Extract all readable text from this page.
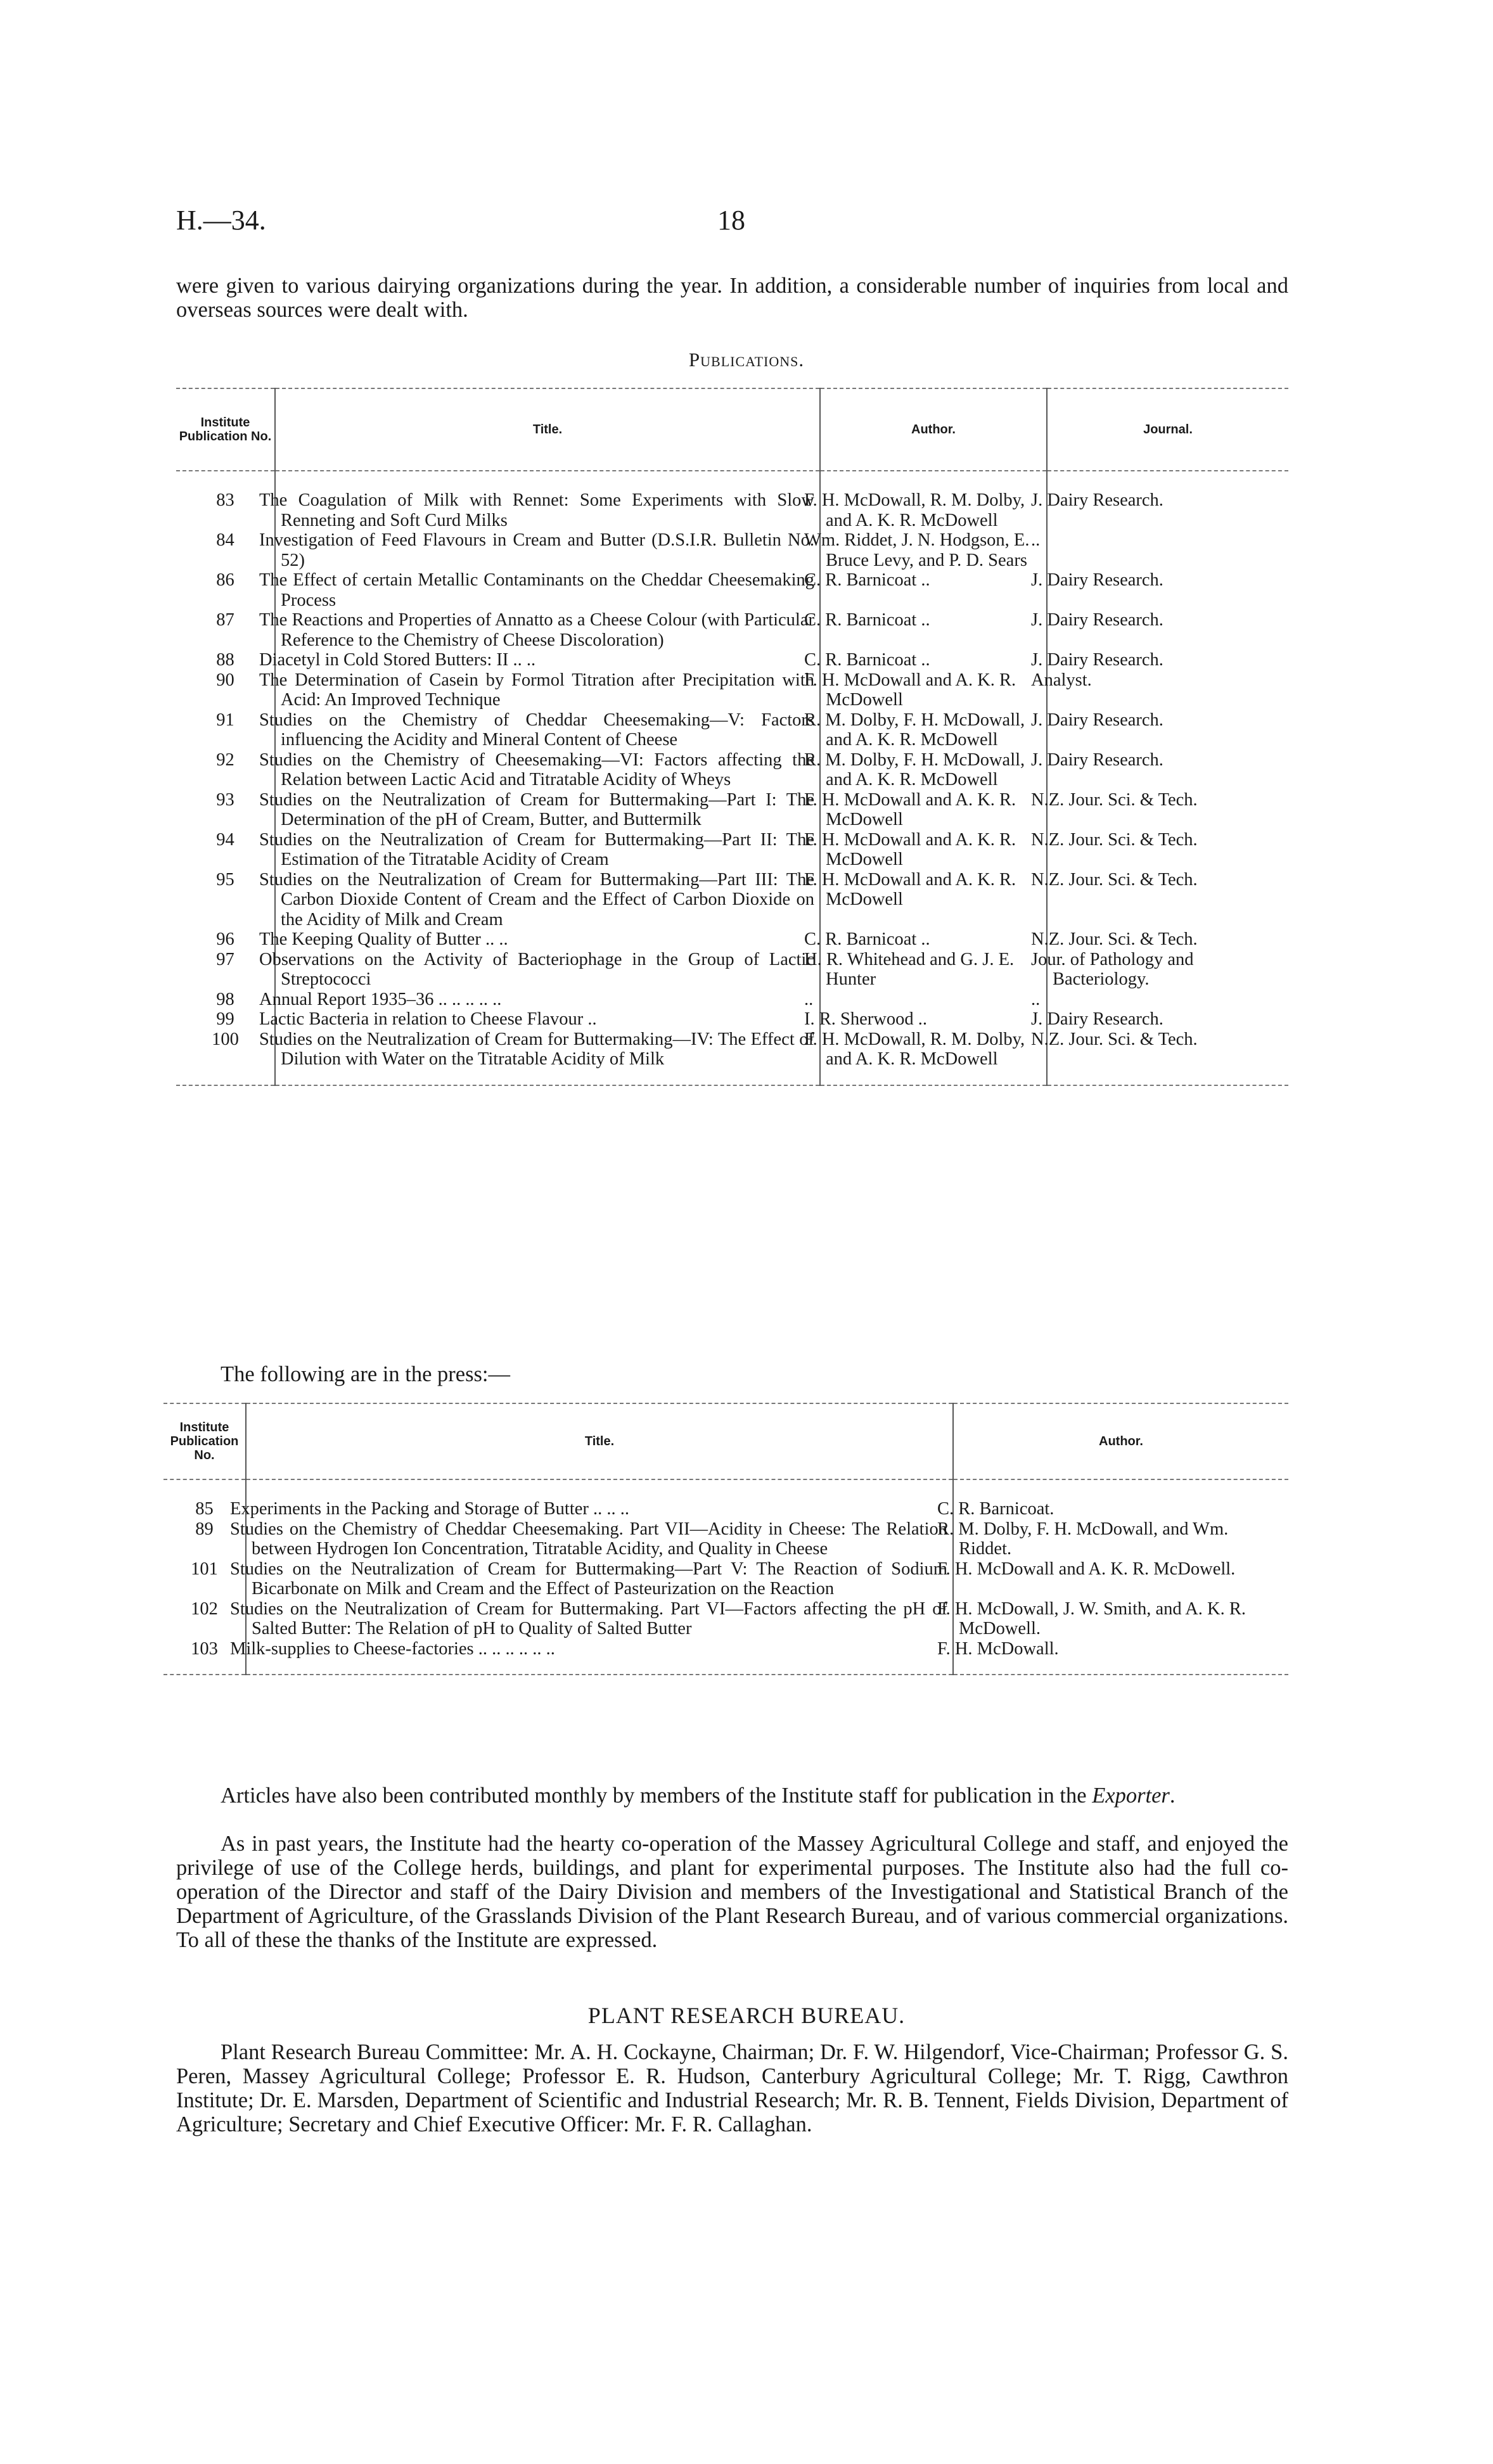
H.—34.	18
were given to various dairying organizations during the year. In addition, a considerable number of inquiries from local and overseas sources were dealt with.
Publications.
Institute Publication No.	Title.	Author.	Journal.
83	The Coagulation of Milk with Rennet: Some Experiments with Slow Renneting and Soft Curd Milks	F. H. McDowall, R. M. Dolby, and A. K. R. McDowell	J. Dairy Research.
84	Investigation of Feed Flavours in Cream and Butter (D.S.I.R. Bulletin No. 52)	Wm. Riddet, J. N. Hodgson, E. Bruce Levy, and P. D. Sears	..
86	The Effect of certain Metallic Contaminants on the Cheddar Cheesemaking Process	C. R. Barnicoat ..	J. Dairy Research.
87	The Reactions and Properties of Annatto as a Cheese Colour (with Particular Reference to the Chemistry of Cheese Discoloration)	C. R. Barnicoat ..	J. Dairy Research.
88	Diacetyl in Cold Stored Butters: II .. ..	C. R. Barnicoat ..	J. Dairy Research.
90	The Determination of Casein by Formol Titration after Precipitation with Acid: An Improved Technique	F. H. McDowall and A. K. R. McDowell	Analyst.
91	Studies on the Chemistry of Cheddar Cheesemaking—V: Factors influencing the Acidity and Mineral Content of Cheese	R. M. Dolby, F. H. McDowall, and A. K. R. McDowell	J. Dairy Research.
92	Studies on the Chemistry of Cheesemaking—VI: Factors affecting the Relation between Lactic Acid and Titratable Acidity of Wheys	R. M. Dolby, F. H. McDowall, and A. K. R. McDowell	J. Dairy Research.
93	Studies on the Neutralization of Cream for Buttermaking—Part I: The Determination of the pH of Cream, Butter, and Buttermilk	F. H. McDowall and A. K. R. McDowell	N.Z. Jour. Sci. & Tech.
94	Studies on the Neutralization of Cream for Buttermaking—Part II: The Estimation of the Titratable Acidity of Cream	F. H. McDowall and A. K. R. McDowell	N.Z. Jour. Sci. & Tech.
95	Studies on the Neutralization of Cream for Buttermaking—Part III: The Carbon Dioxide Content of Cream and the Effect of Carbon Dioxide on the Acidity of Milk and Cream	F. H. McDowall and A. K. R. McDowell	N.Z. Jour. Sci. & Tech.
96	The Keeping Quality of Butter .. ..	C. R. Barnicoat ..	N.Z. Jour. Sci. & Tech.
97	Observations on the Activity of Bacteriophage in the Group of Lactic Streptococci	H. R. Whitehead and G. J. E. Hunter	Jour. of Pathology and Bacteriology.
98	Annual Report 1935–36 .. .. .. .. ..	..	..
99	Lactic Bacteria in relation to Cheese Flavour ..	I. R. Sherwood ..	J. Dairy Research.
100	Studies on the Neutralization of Cream for Buttermaking—IV: The Effect of Dilution with Water on the Titratable Acidity of Milk	F. H. McDowall, R. M. Dolby, and A. K. R. McDowell	N.Z. Jour. Sci. & Tech.
The following are in the press:—
Institute Publication No.	Title.	Author.
85	Experiments in the Packing and Storage of Butter .. .. ..	C. R. Barnicoat.
89	Studies on the Chemistry of Cheddar Cheesemaking. Part VII—Acidity in Cheese: The Relation between Hydrogen Ion Concentration, Titratable Acidity, and Quality in Cheese	R. M. Dolby, F. H. McDowall, and Wm. Riddet.
101	Studies on the Neutralization of Cream for Buttermaking—Part V: The Reaction of Sodium Bicarbonate on Milk and Cream and the Effect of Pasteurization on the Reaction	F. H. McDowall and A. K. R. McDowell.
102	Studies on the Neutralization of Cream for Buttermaking. Part VI—Factors affecting the pH of Salted Butter: The Relation of pH to Quality of Salted Butter	F. H. McDowall, J. W. Smith, and A. K. R. McDowell.
103	Milk-supplies to Cheese-factories .. .. .. .. .. ..	F. H. McDowall.
Articles have also been contributed monthly by members of the Institute staff for publication in the Exporter.
As in past years, the Institute had the hearty co-operation of the Massey Agricultural College and staff, and enjoyed the privilege of use of the College herds, buildings, and plant for experimental purposes. The Institute also had the full co-operation of the Director and staff of the Dairy Division and members of the Investigational and Statistical Branch of the Department of Agriculture, of the Grasslands Division of the Plant Research Bureau, and of various commercial organizations. To all of these the thanks of the Institute are expressed.
PLANT RESEARCH BUREAU.
Plant Research Bureau Committee: Mr. A. H. Cockayne, Chairman; Dr. F. W. Hilgendorf, Vice-Chairman; Professor G. S. Peren, Massey Agricultural College; Professor E. R. Hudson, Canterbury Agricultural College; Mr. T. Rigg, Cawthron Institute; Dr. E. Marsden, Department of Scientific and Industrial Research; Mr. R. B. Tennent, Fields Division, Department of Agriculture; Secretary and Chief Executive Officer: Mr. F. R. Callaghan.
